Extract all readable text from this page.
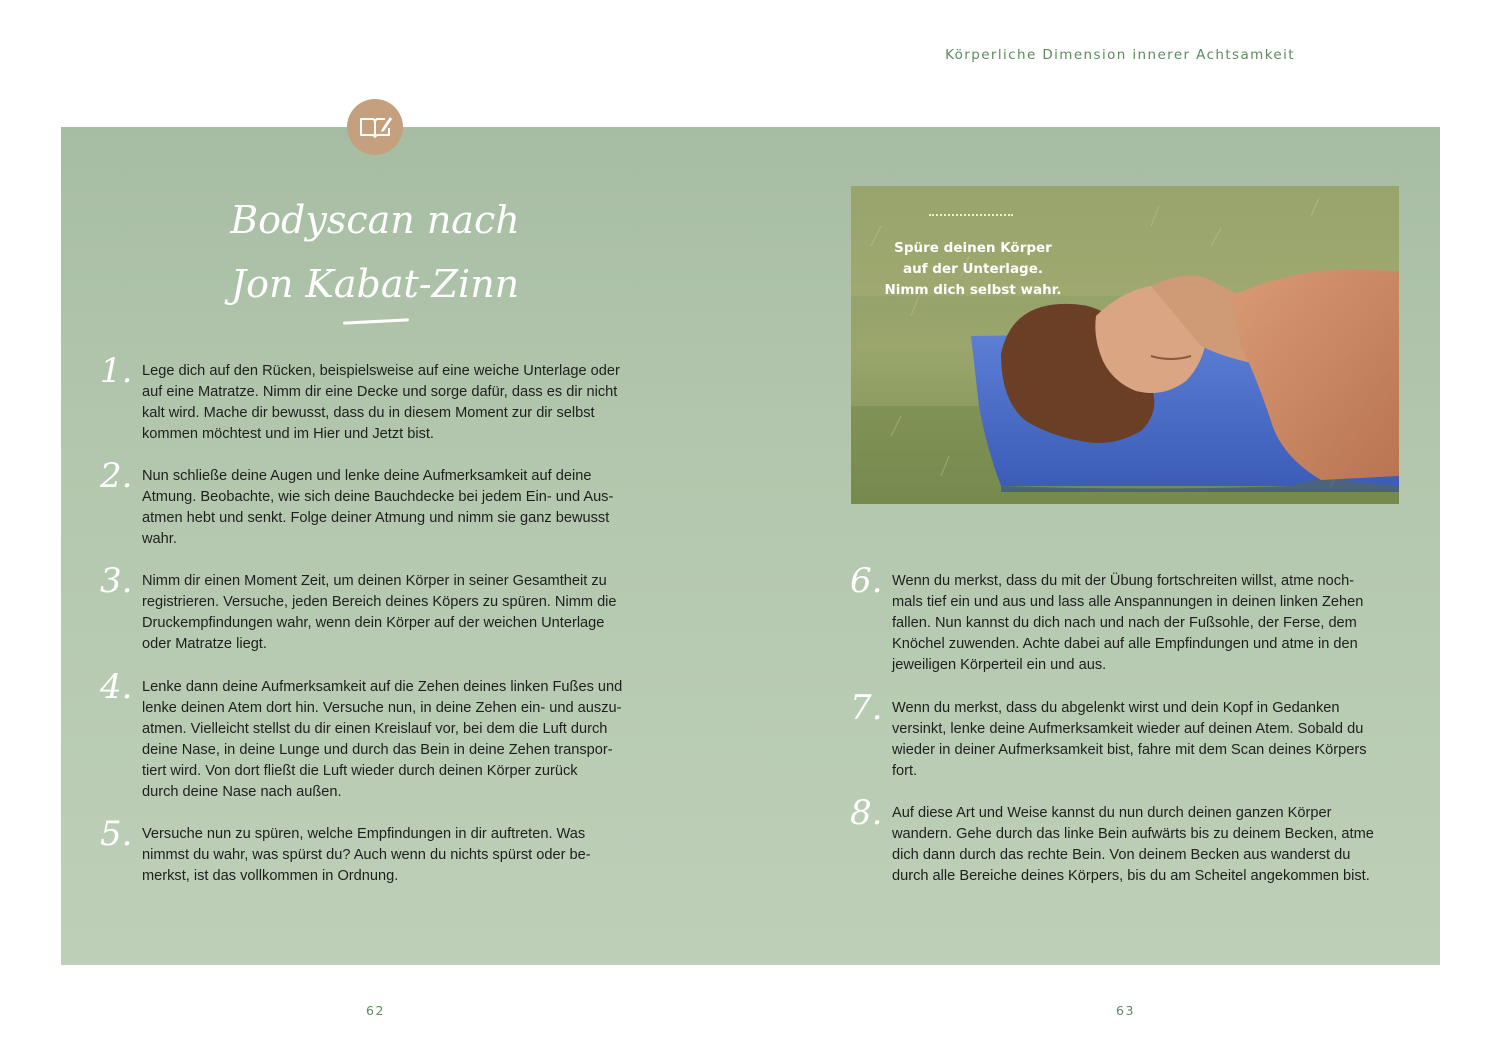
Körperliche Dimension innerer Achtsamkeit
Bodyscan nach
Jon Kabat-Zinn
1. Lege dich auf den Rücken, beispielsweise auf eine weiche Unterlage oder
auf eine Matratze. Nimm dir eine Decke und sorge dafür, dass es dir nicht
kalt wird. Mache dir bewusst, dass du in diesem Moment zur dir selbst
kommen möchtest und im Hier und Jetzt bist.
2. Nun schließe deine Augen und lenke deine Aufmerksamkeit auf deine
Atmung. Beobachte, wie sich deine Bauchdecke bei jedem Ein- und Aus-
atmen hebt und senkt. Folge deiner Atmung und nimm sie ganz bewusst
wahr.
3. Nimm dir einen Moment Zeit, um deinen Körper in seiner Gesamtheit zu
registrieren. Versuche, jeden Bereich deines Köpers zu spüren. Nimm die
Druckempfindungen wahr, wenn dein Körper auf der weichen Unterlage
oder Matratze liegt.
4. Lenke dann deine Aufmerksamkeit auf die Zehen deines linken Fußes und
lenke deinen Atem dort hin. Versuche nun, in deine Zehen ein- und auszu-
atmen. Vielleicht stellst du dir einen Kreislauf vor, bei dem die Luft durch
deine Nase, in deine Lunge und durch das Bein in deine Zehen transpor-
tiert wird. Von dort fließt die Luft wieder durch deinen Körper zurück
durch deine Nase nach außen.
5. Versuche nun zu spüren, welche Empfindungen in dir auftreten. Was
nimmst du wahr, was spürst du? Auch wenn du nichts spürst oder be-
merkst, ist das vollkommen in Ordnung.
Spüre deinen Körper
auf der Unterlage.
Nimm dich selbst wahr.
6. Wenn du merkst, dass du mit der Übung fortschreiten willst, atme noch-
mals tief ein und aus und lass alle Anspannungen in deinen linken Zehen
fallen. Nun kannst du dich nach und nach der Fußsohle, der Ferse, dem
Knöchel zuwenden. Achte dabei auf alle Empfindungen und atme in den
jeweiligen Körperteil ein und aus.
7. Wenn du merkst, dass du abgelenkt wirst und dein Kopf in Gedanken
versinkt, lenke deine Aufmerksamkeit wieder auf deinen Atem. Sobald du
wieder in deiner Aufmerksamkeit bist, fahre mit dem Scan deines Körpers
fort.
8. Auf diese Art und Weise kannst du nun durch deinen ganzen Körper
wandern. Gehe durch das linke Bein aufwärts bis zu deinem Becken, atme
dich dann durch das rechte Bein. Von deinem Becken aus wanderst du
durch alle Bereiche deines Körpers, bis du am Scheitel angekommen bist.
62	63
